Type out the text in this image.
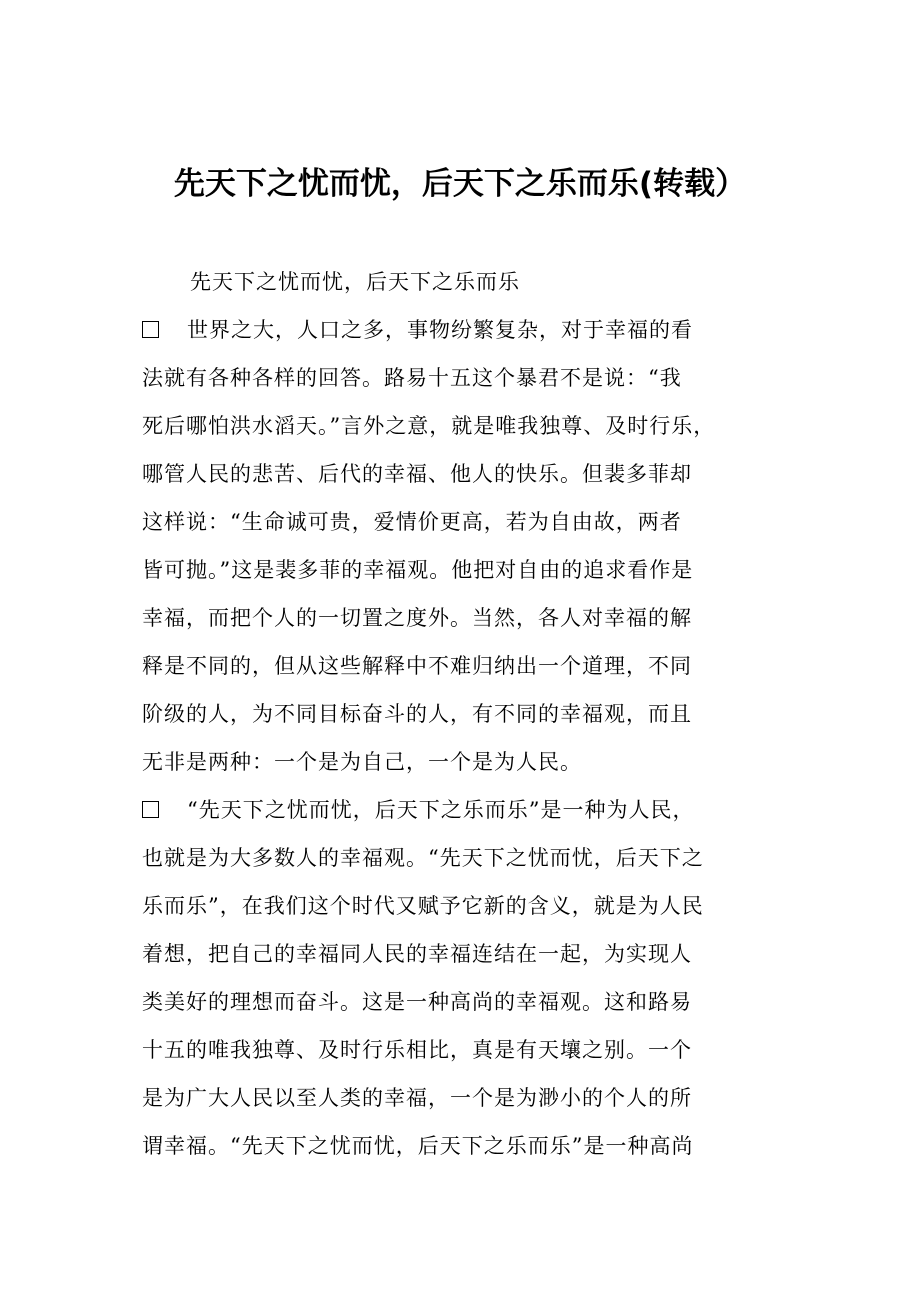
先天下之忧而忧，后天下之乐而乐(转载）
先天下之忧而忧，后天下之乐而乐
世界之大，人口之多，事物纷繁复杂，对于幸福的看
法就有各种各样的回答。路易十五这个暴君不是说：“我
死后哪怕洪水滔天。”言外之意，就是唯我独尊、及时行乐，
哪管人民的悲苦、后代的幸福、他人的快乐。但裴多菲却
这样说：“生命诚可贵，爱情价更高，若为自由故，两者
皆可抛。”这是裴多菲的幸福观。他把对自由的追求看作是
幸福，而把个人的一切置之度外。当然，各人对幸福的解
释是不同的，但从这些解释中不难归纳出一个道理，不同
阶级的人，为不同目标奋斗的人，有不同的幸福观，而且
无非是两种：一个是为自己，一个是为人民。
“先天下之忧而忧，后天下之乐而乐”是一种为人民，
也就是为大多数人的幸福观。“先天下之忧而忧，后天下之
乐而乐”，在我们这个时代又赋予它新的含义，就是为人民
着想，把自己的幸福同人民的幸福连结在一起，为实现人
类美好的理想而奋斗。这是一种高尚的幸福观。这和路易
十五的唯我独尊、及时行乐相比，真是有天壤之别。一个
是为广大人民以至人类的幸福，一个是为渺小的个人的所
谓幸福。“先天下之忧而忧，后天下之乐而乐”是一种高尚
